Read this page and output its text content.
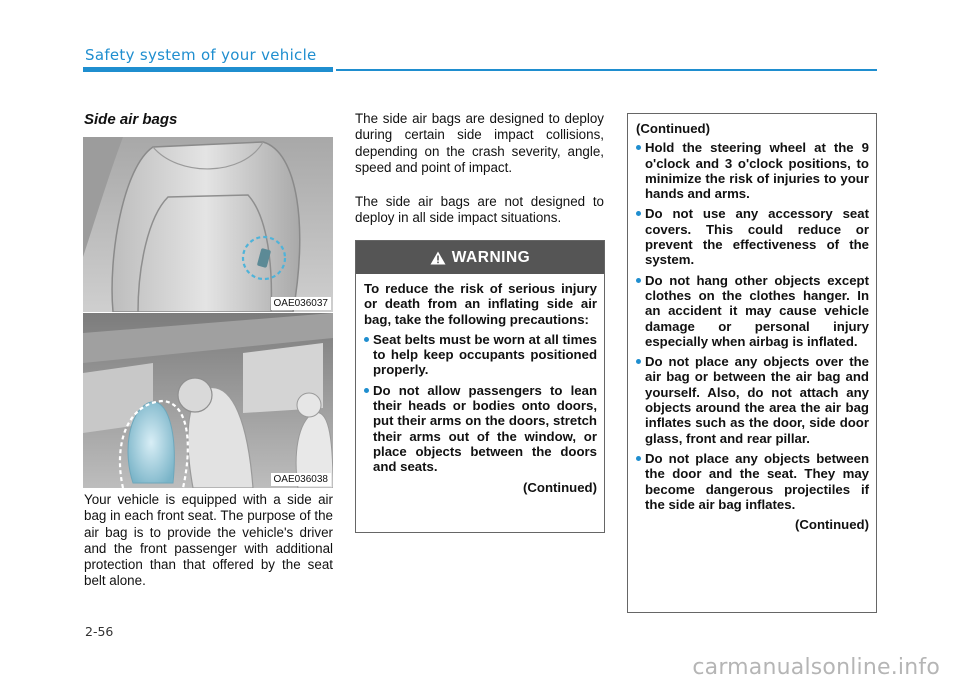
Safety system of your vehicle
Side air bags
OAE036037
OAE036038
Your vehicle is equipped with a side air bag in each front seat. The purpose of the air bag is to provide the vehicle's driver and the front passenger with additional protection than that offered by the seat belt alone.
The side air bags are designed to deploy during certain side impact collisions, depending on the crash severity, angle, speed and point of impact.
The side air bags are not designed to deploy in all side impact situations.
WARNING
To reduce the risk of serious injury or death from an inflating side air bag, take the following precautions:
Seat belts must be worn at all times to help keep occupants positioned properly.
Do not allow passengers to lean their heads or bodies onto doors, put their arms on the doors, stretch their arms out of the window, or place objects between the doors and seats.
(Continued)
(Continued)
Hold the steering wheel at the 9 o'clock and 3 o'clock positions, to minimize the risk of injuries to your hands and arms.
Do not use any accessory seat covers. This could reduce or prevent the effectiveness of the system.
Do not hang other objects except clothes on the clothes hanger. In an accident it may cause vehicle damage or personal injury especially when airbag is inflated.
Do not place any objects over the air bag or between the air bag and yourself. Also, do not attach any objects around the area the air bag inflates such as the door, side door glass, front and rear pillar.
Do not place any objects between the door and the seat. They may become dangerous projectiles if the side air bag inflates.
(Continued)
2-56
carmanualsonline.info
